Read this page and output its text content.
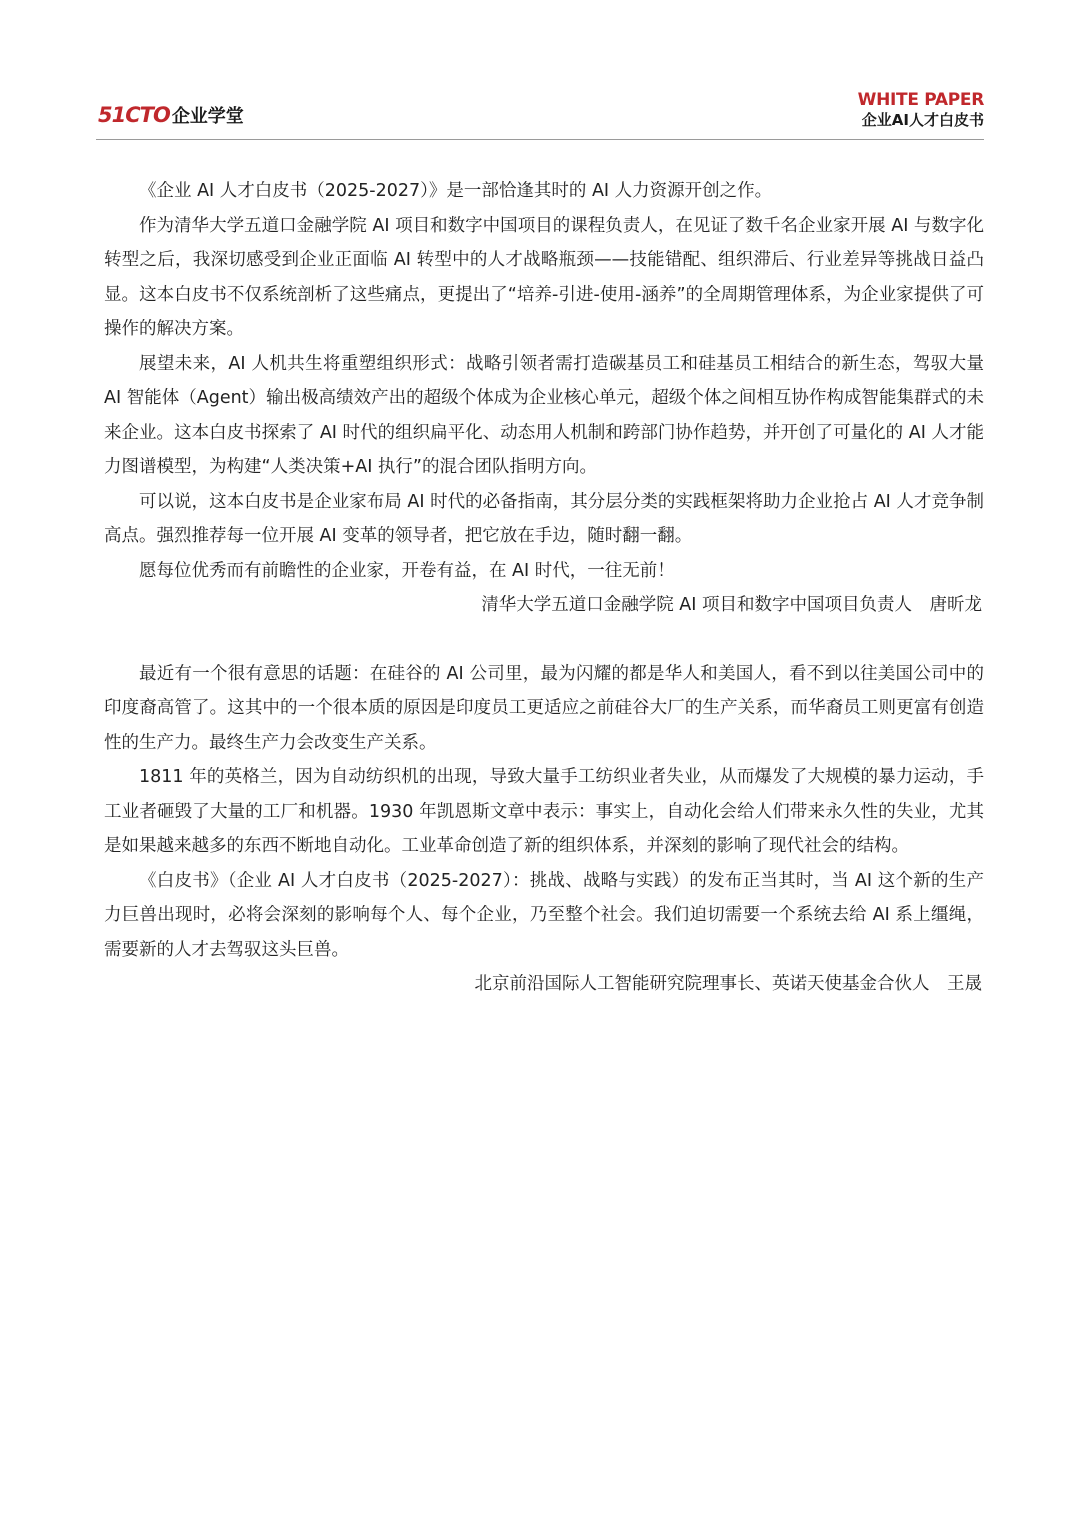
51CTO 企业学堂
WHITE PAPER
企业AI人才白皮书

《企业 AI 人才白皮书（2025-2027）》是一部恰逢其时的 AI 人力资源开创之作。

作为清华大学五道口金融学院 AI 项目和数字中国项目的课程负责人，在见证了数千名企业家开展 AI 与数字化转型之后，我深切感受到企业正面临 AI 转型中的人才战略瓶颈——技能错配、组织滞后、行业差异等挑战日益凸显。这本白皮书不仅系统剖析了这些痛点，更提出了“培养-引进-使用-涵养”的全周期管理体系，为企业家提供了可操作的解决方案。

展望未来，AI 人机共生将重塑组织形式：战略引领者需打造碳基员工和硅基员工相结合的新生态，驾驭大量 AI 智能体（Agent）输出极高绩效产出的超级个体成为企业核心单元，超级个体之间相互协作构成智能集群式的未来企业。这本白皮书探索了 AI 时代的组织扁平化、动态用人机制和跨部门协作趋势，并开创了可量化的 AI 人才能力图谱模型，为构建“人类决策+AI 执行”的混合团队指明方向。

可以说，这本白皮书是企业家布局 AI 时代的必备指南，其分层分类的实践框架将助力企业抢占 AI 人才竞争制高点。强烈推荐每一位开展 AI 变革的领导者，把它放在手边，随时翻一翻。

愿每位优秀而有前瞻性的企业家，开卷有益，在 AI 时代，一往无前！

清华大学五道口金融学院 AI 项目和数字中国项目负责人　唐昕龙

最近有一个很有意思的话题：在硅谷的 AI 公司里，最为闪耀的都是华人和美国人，看不到以往美国公司中的印度裔高管了。这其中的一个很本质的原因是印度员工更适应之前硅谷大厂的生产关系，而华裔员工则更富有创造性的生产力。最终生产力会改变生产关系。

1811 年的英格兰，因为自动纺织机的出现，导致大量手工纺织业者失业，从而爆发了大规模的暴力运动，手工业者砸毁了大量的工厂和机器。1930 年凯恩斯文章中表示：事实上，自动化会给人们带来永久性的失业，尤其是如果越来越多的东西不断地自动化。工业革命创造了新的组织体系，并深刻的影响了现代社会的结构。

《白皮书》（企业 AI 人才白皮书（2025-2027）：挑战、战略与实践）的发布正当其时，当 AI 这个新的生产力巨兽出现时，必将会深刻的影响每个人、每个企业，乃至整个社会。我们迫切需要一个系统去给 AI 系上缰绳，需要新的人才去驾驭这头巨兽。

北京前沿国际人工智能研究院理事长、英诺天使基金合伙人　王晟
